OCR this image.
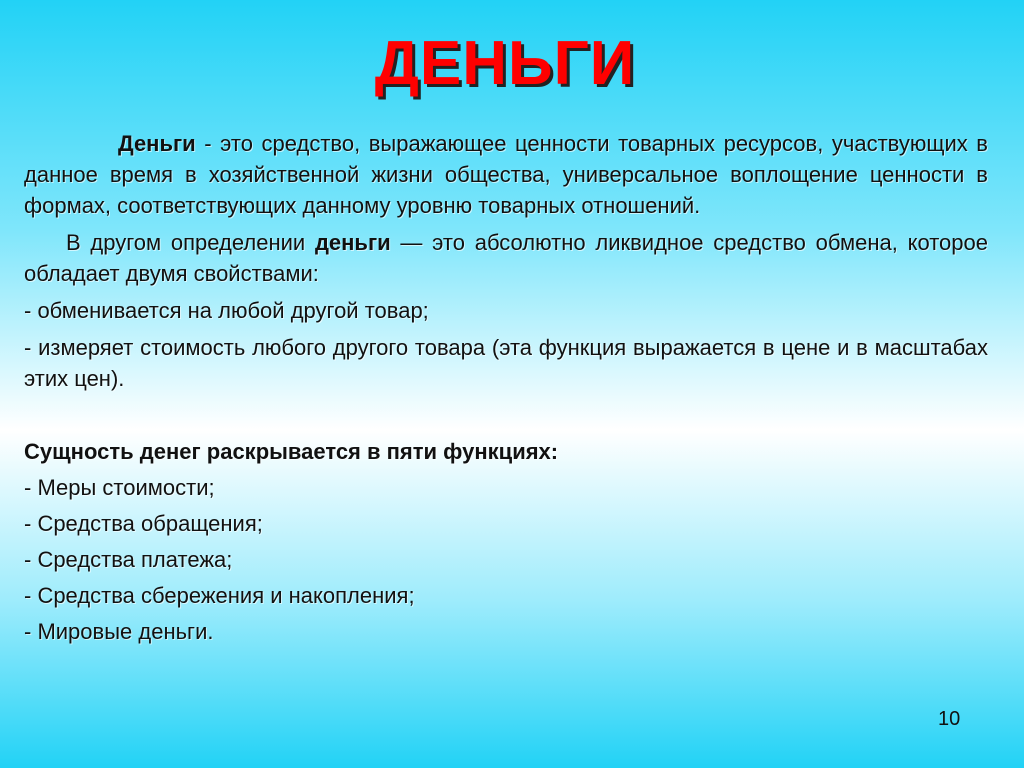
ДЕНЬГИ

Деньги - это средство, выражающее ценности товарных ресурсов, участвующих в данное время в хозяйственной жизни общества, универсальное воплощение ценности в формах, соответствующих данному уровню товарных отношений.

В другом определении деньги — это абсолютно ликвидное средство обмена, которое обладает двумя свойствами:

- обменивается на любой другой товар;

- измеряет стоимость любого другого товара (эта функция выражается в цене и в масштабах этих цен).

Сущность денег раскрывается в пяти функциях:

- Меры стоимости;

- Средства обращения;

- Средства платежа;

- Средства сбережения и накопления;

- Мировые деньги.

10
